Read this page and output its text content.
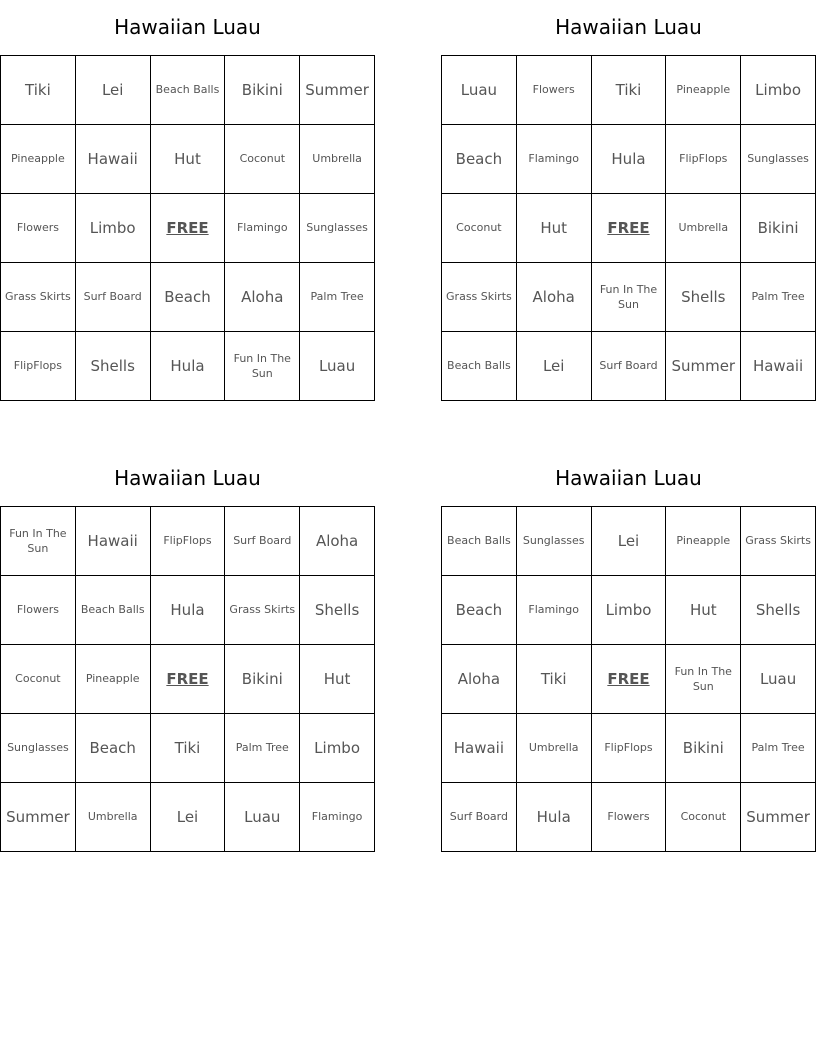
Hawaiian Luau
Tiki	Lei	Beach Balls	Bikini	Summer
Pineapple	Hawaii	Hut	Coconut	Umbrella
Flowers	Limbo	FREE	Flamingo	Sunglasses
Grass Skirts	Surf Board	Beach	Aloha	Palm Tree
FlipFlops	Shells	Hula	Fun In The Sun	Luau
Hawaiian Luau
Luau	Flowers	Tiki	Pineapple	Limbo
Beach	Flamingo	Hula	FlipFlops	Sunglasses
Coconut	Hut	FREE	Umbrella	Bikini
Grass Skirts	Aloha	Fun In The Sun	Shells	Palm Tree
Beach Balls	Lei	Surf Board	Summer	Hawaii
Hawaiian Luau
Fun In The Sun	Hawaii	FlipFlops	Surf Board	Aloha
Flowers	Beach Balls	Hula	Grass Skirts	Shells
Coconut	Pineapple	FREE	Bikini	Hut
Sunglasses	Beach	Tiki	Palm Tree	Limbo
Summer	Umbrella	Lei	Luau	Flamingo
Hawaiian Luau
Beach Balls	Sunglasses	Lei	Pineapple	Grass Skirts
Beach	Flamingo	Limbo	Hut	Shells
Aloha	Tiki	FREE	Fun In The Sun	Luau
Hawaii	Umbrella	FlipFlops	Bikini	Palm Tree
Surf Board	Hula	Flowers	Coconut	Summer
